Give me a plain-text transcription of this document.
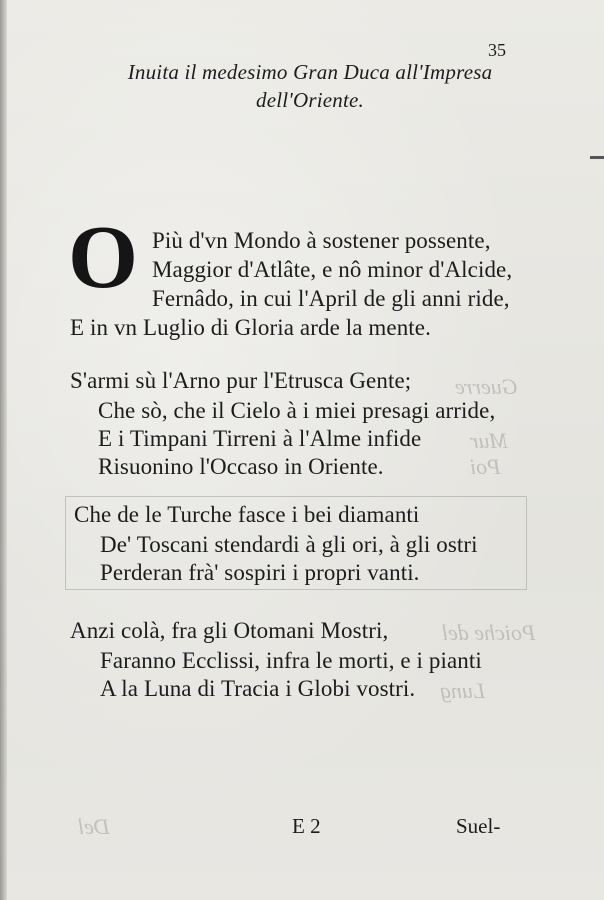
Guerre
Mur
Poi
Poiche del
Lung
Del
35
Inuita il medesimo Gran Duca all'Impresa
dell'Oriente.
O Più d'vn Mondo à sostener possente,
Maggior d'Atlâte, e nô minor d'Alcide,
Fernâdo, in cui l'April de gli anni ride,
E in vn Luglio di Gloria arde la mente.
S'armi sù l'Arno pur l'Etrusca Gente;
Che sò, che il Cielo à i miei presagi arride,
E i Timpani Tirreni à l'Alme infide
Risuonino l'Occaso in Oriente.
Che de le Turche fasce i bei diamanti
De' Toscani stendardi à gli ori, à gli ostri
Perderan frà' sospiri i propri vanti.
Anzi colà, fra gli Otomani Mostri,
Faranno Ecclissi, infra le morti, e i pianti
A la Luna di Tracia i Globi vostri.
E 2	Suel-
